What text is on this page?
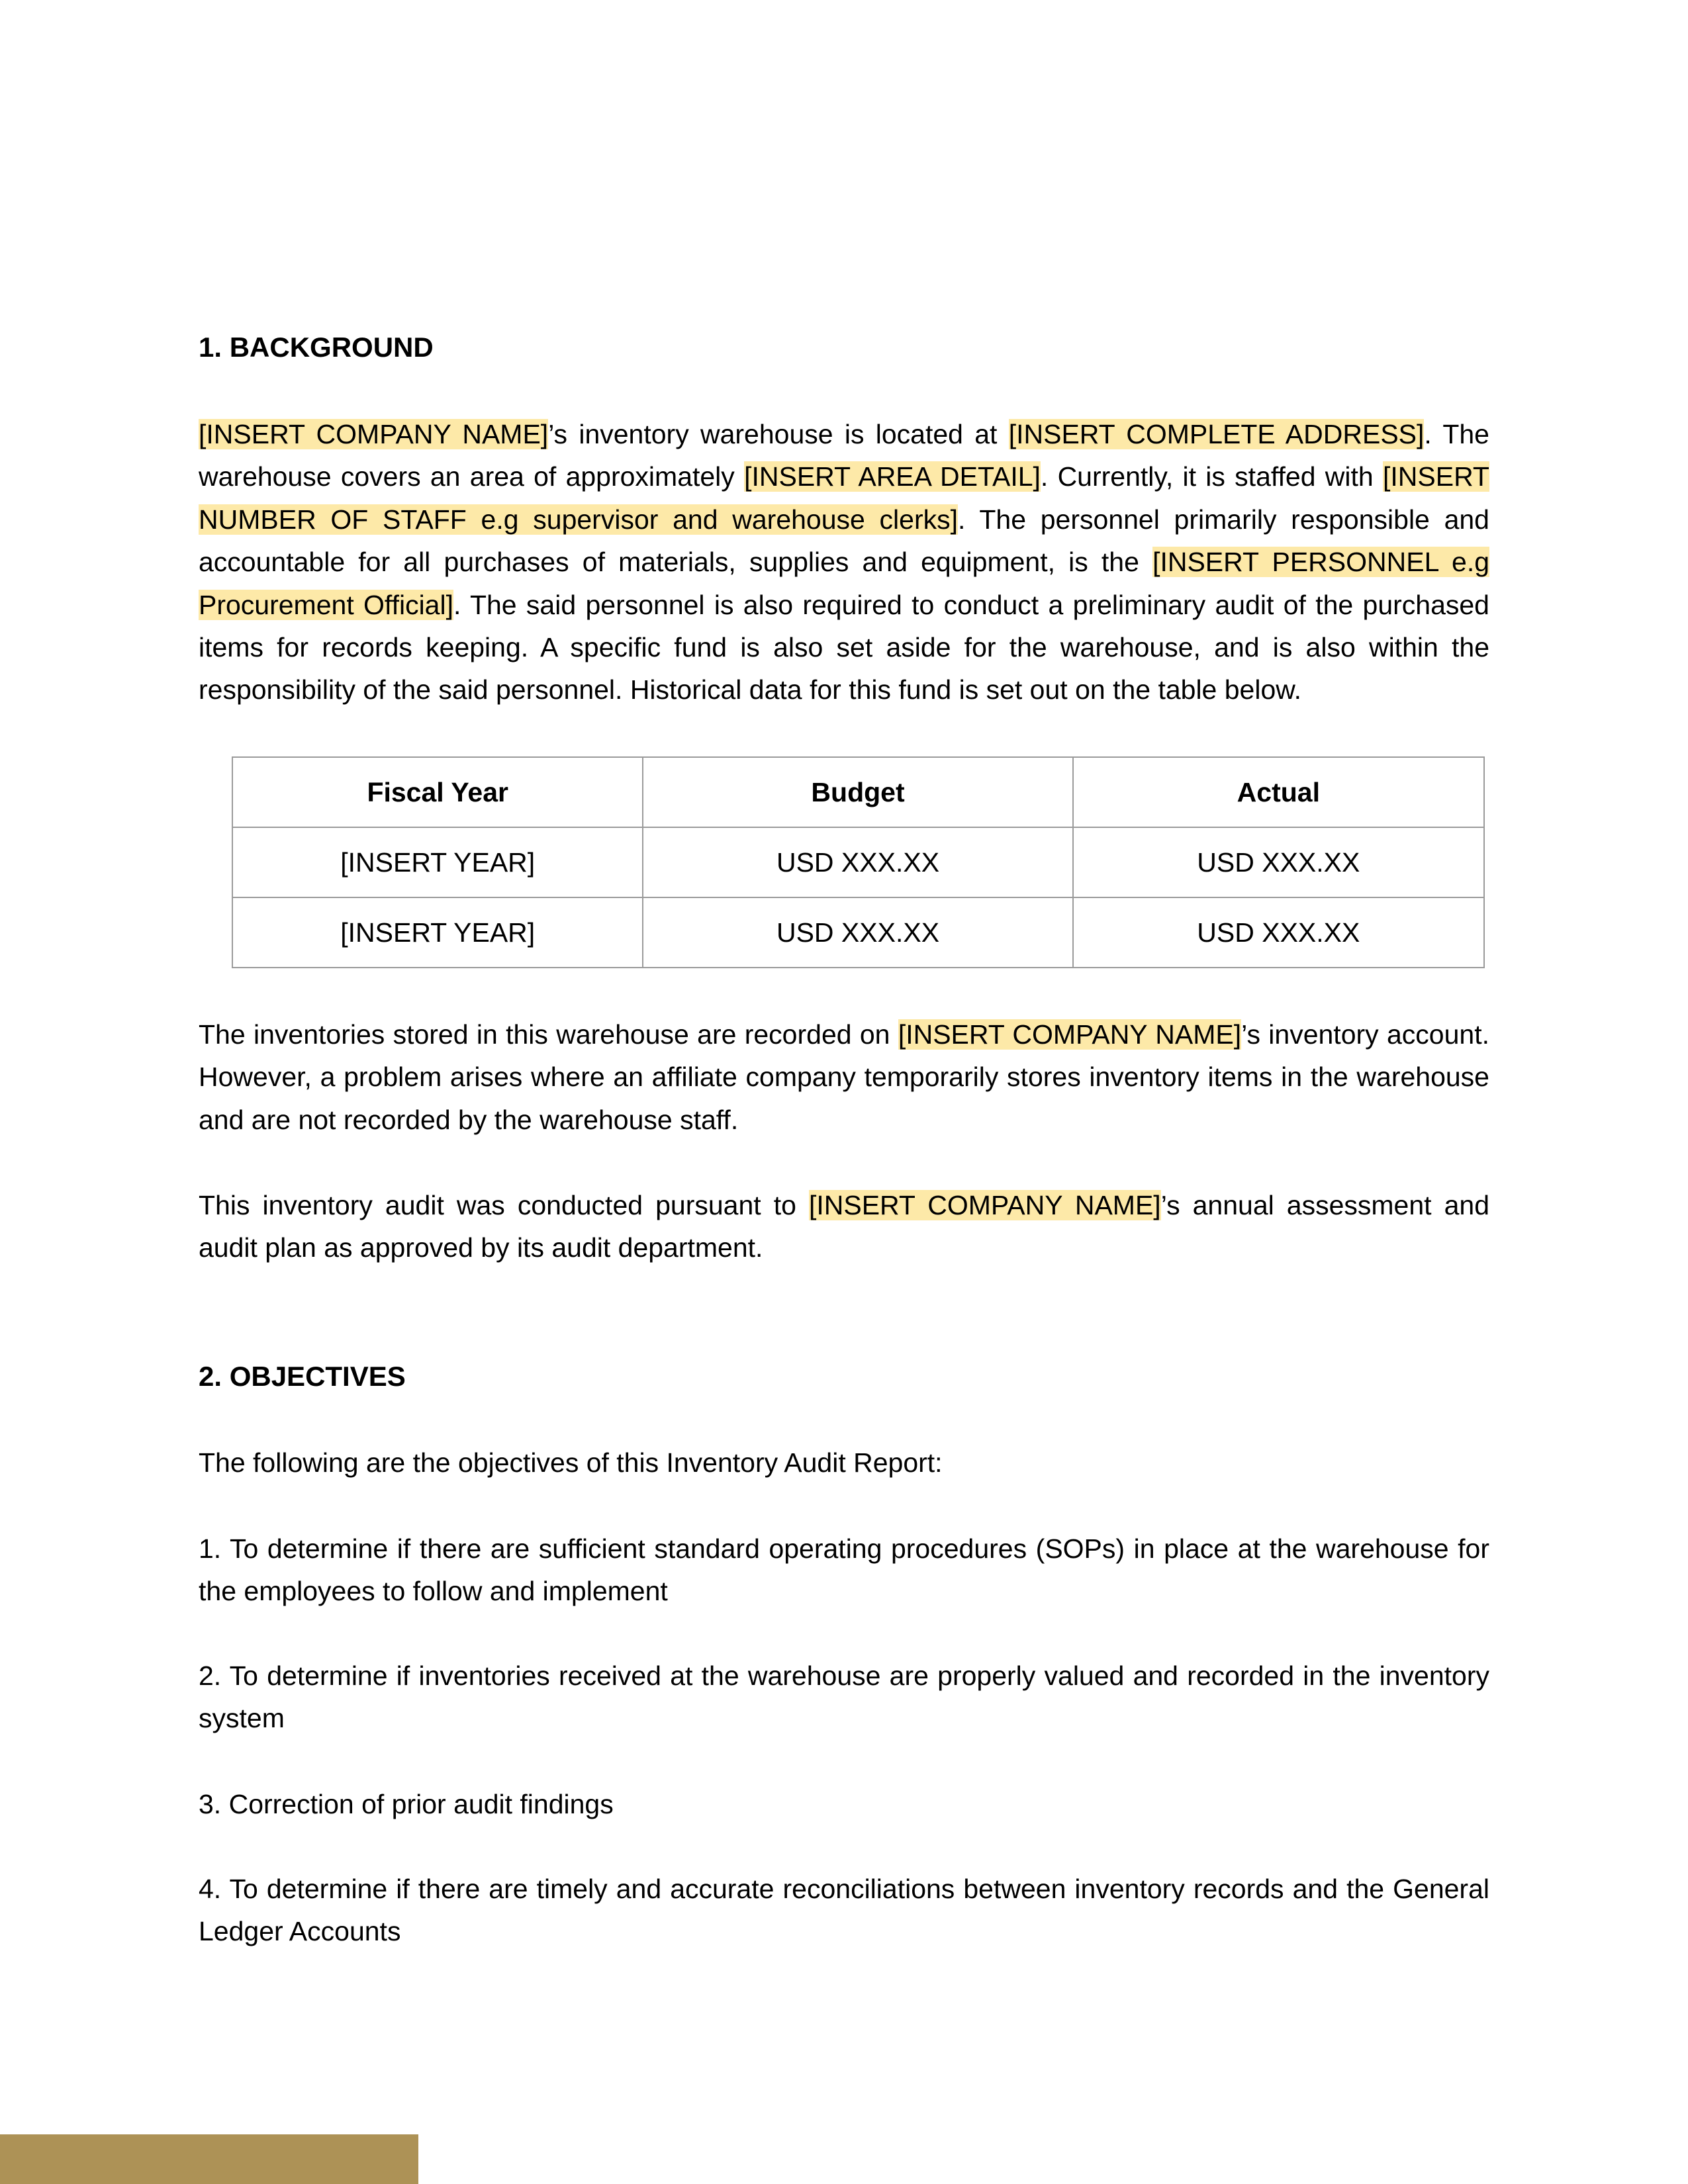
1. BACKGROUND

[INSERT COMPANY NAME]’s inventory warehouse is located at [INSERT COMPLETE ADDRESS]. The warehouse covers an area of approximately [INSERT AREA DETAIL]. Currently, it is staffed with [INSERT NUMBER OF STAFF e.g supervisor and warehouse clerks]. The personnel primarily responsible and accountable for all purchases of materials, supplies and equipment, is the [INSERT PERSONNEL e.g Procurement Official]. The said personnel is also required to conduct a preliminary audit of the purchased items for records keeping. A specific fund is also set aside for the warehouse, and is also within the responsibility of the said personnel. Historical data for this fund is set out on the table below.

Fiscal Year	Budget	Actual
[INSERT YEAR]	USD XXX.XX	USD XXX.XX
[INSERT YEAR]	USD XXX.XX	USD XXX.XX

The inventories stored in this warehouse are recorded on [INSERT COMPANY NAME]’s inventory account. However, a problem arises where an affiliate company temporarily stores inventory items in the warehouse and are not recorded by the warehouse staff.

This inventory audit was conducted pursuant to [INSERT COMPANY NAME]’s annual assessment and audit plan as approved by its audit department.

2. OBJECTIVES

The following are the objectives of this Inventory Audit Report:

1. To determine if there are sufficient standard operating procedures (SOPs) in place at the warehouse for the employees to follow and implement

2. To determine if inventories received at the warehouse are properly valued and recorded in the inventory system

3. Correction of prior audit findings

4. To determine if there are timely and accurate reconciliations between inventory records and the General Ledger Accounts
